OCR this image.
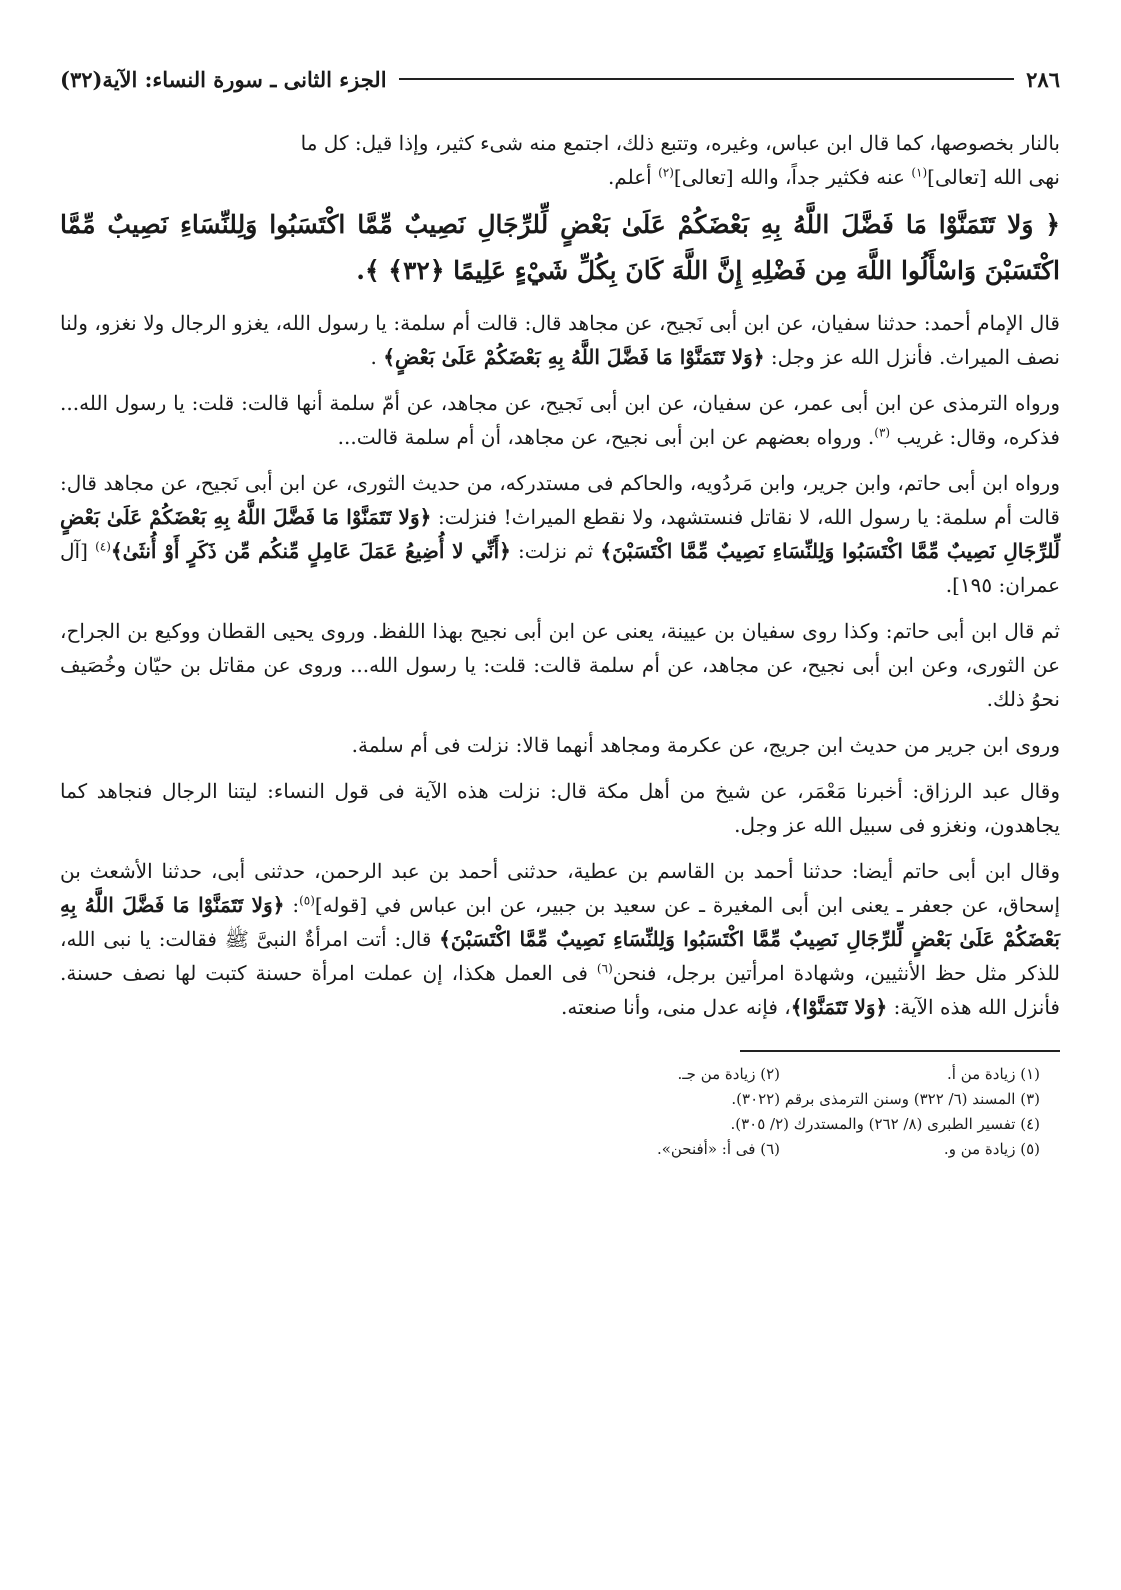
٢٨٦
الجزء الثانى ـ سورة النساء: الآية(٣٢)

بالنار بخصوصها، كما قال ابن عباس، وغيره، وتتبع ذلك، اجتمع منه شىء كثير، وإذا قيل: كل ما
نهى الله [تعالى]$^{(١)}$ عنه فكثير جداً، والله [تعالى]$^{(٢)}$ أعلم.

﴿ وَلا تَتَمَنَّوْا مَا فَضَّلَ اللَّهُ بِهِ بَعْضَكُمْ عَلَىٰ بَعْضٍ لِّلرِّجَالِ نَصِيبٌ مِّمَّا اكْتَسَبُوا وَلِلنِّسَاءِ نَصِيبٌ مِّمَّا اكْتَسَبْنَ وَاسْأَلُوا اللَّهَ مِن فَضْلِهِ إِنَّ اللَّهَ كَانَ بِكُلِّ شَيْءٍ عَلِيمًا ﴿٣٢﴾ ﴾.

قال الإمام أحمد: حدثنا سفيان، عن ابن أبى نَجيح، عن مجاهد قال: قالت أم سلمة: يا رسول الله، يغزو الرجال ولا نغزو، ولنا نصف الميراث. فأنزل الله عز وجل: ﴿وَلا تَتَمَنَّوْا مَا فَضَّلَ اللَّهُ بِهِ بَعْضَكُمْ عَلَىٰ بَعْضٍ﴾ .

ورواه الترمذى عن ابن أبى عمر، عن سفيان، عن ابن أبى نَجيح، عن مجاهد، عن أمّ سلمة أنها قالت: قلت: يا رسول الله... فذكره، وقال: غريب $^{(٣)}$. ورواه بعضهم عن ابن أبى نجيح، عن مجاهد، أن أم سلمة قالت...

ورواه ابن أبى حاتم، وابن جرير، وابن مَردُويه، والحاكم فى مستدركه، من حديث الثورى، عن ابن أبى نَجيح، عن مجاهد قال: قالت أم سلمة: يا رسول الله، لا نقاتل فنستشهد، ولا نقطع الميراث! فنزلت: ﴿وَلا تَتَمَنَّوْا مَا فَضَّلَ اللَّهُ بِهِ بَعْضَكُمْ عَلَىٰ بَعْضٍ لِّلرِّجَالِ نَصِيبٌ مِّمَّا اكْتَسَبُوا وَلِلنِّسَاءِ نَصِيبٌ مِّمَّا اكْتَسَبْنَ﴾ ثم نزلت: ﴿أَنِّي لا أُضِيعُ عَمَلَ عَامِلٍ مِّنكُم مِّن ذَكَرٍ أَوْ أُنثَىٰ﴾$^{(٤)}$ [آل عمران: ١٩٥].

ثم قال ابن أبى حاتم: وكذا روى سفيان بن عيينة، يعنى عن ابن أبى نجيح بهذا اللفظ. وروى يحيى القطان ووكيع بن الجراح، عن الثورى، وعن ابن أبى نجيح، عن مجاهد، عن أم سلمة قالت: قلت: يا رسول الله... وروى عن مقاتل بن حيّان وخُصَيف نحوُ ذلك.

وروى ابن جرير من حديث ابن جريج، عن عكرمة ومجاهد أنهما قالا: نزلت فى أم سلمة.

وقال عبد الرزاق: أخبرنا مَعْمَر، عن شيخ من أهل مكة قال: نزلت هذه الآية فى قول النساء: ليتنا الرجال فنجاهد كما يجاهدون، ونغزو فى سبيل الله عز وجل.

وقال ابن أبى حاتم أيضا: حدثنا أحمد بن القاسم بن عطية، حدثنى أحمد بن عبد الرحمن، حدثنى أبى، حدثنا الأشعث بن إسحاق، عن جعفر ـ يعنى ابن أبى المغيرة ـ عن سعيد بن جبير، عن ابن عباس في [قوله]$^{(٥)}$: ﴿وَلا تَتَمَنَّوْا مَا فَضَّلَ اللَّهُ بِهِ بَعْضَكُمْ عَلَىٰ بَعْضٍ لِّلرِّجَالِ نَصِيبٌ مِّمَّا اكْتَسَبُوا وَلِلنِّسَاءِ نَصِيبٌ مِّمَّا اكْتَسَبْنَ﴾ قال: أتت امرأةٌ النبىَّ ﷺ فقالت: يا نبى الله، للذكر مثل حظ الأنثيين، وشهادة امرأتين برجل، فنحن$^{(٦)}$ فى العمل هكذا، إن عملت امرأة حسنة كتبت لها نصف حسنة. فأنزل الله هذه الآية: ﴿وَلا تَتَمَنَّوْا﴾، فإنه عدل منى، وأنا صنعته.

(١) زيادة من أ.
(٢) زيادة من جـ.
(٣) المسند (٦/ ٣٢٢) وسنن الترمذى برقم (٣٠٢٢).
(٤) تفسير الطبرى (٨/ ٢٦٢) والمستدرك (٢/ ٣٠٥).
(٥) زيادة من و.
(٦) فى أ: «أفنحن».
